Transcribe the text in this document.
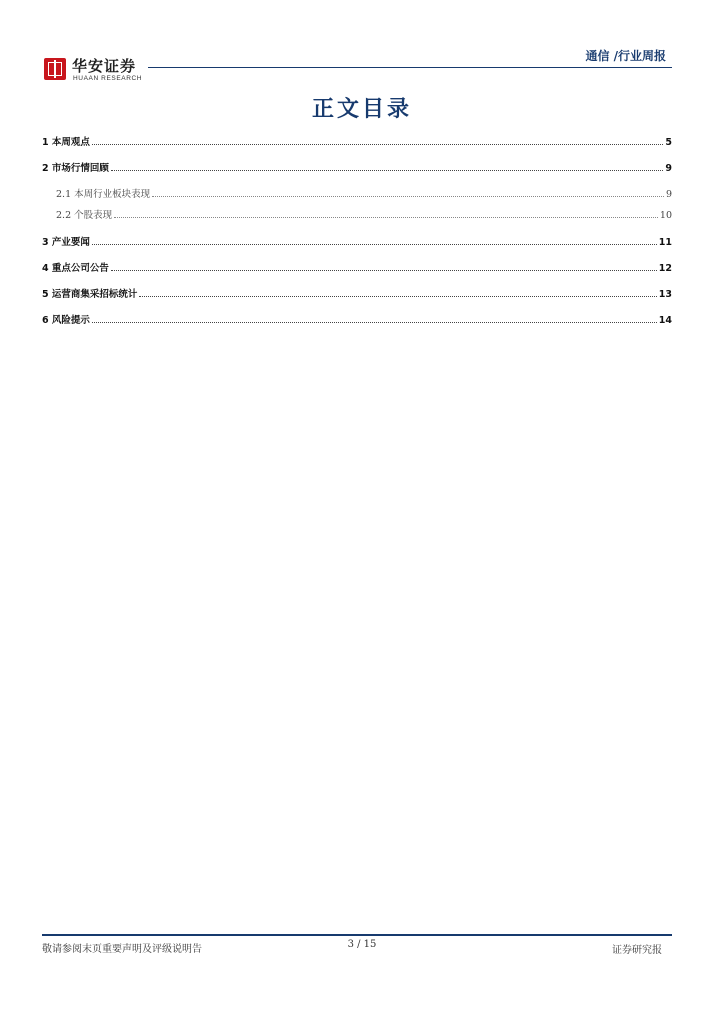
华安证券
HUAAN RESEARCH
通信 /行业周报
正文目录
1 本周观点	5
2 市场行情回顾	9
2.1 本周行业板块表现	9
2.2 个股表现	10
3 产业要闻	11
4 重点公司公告	12
5 运营商集采招标统计	13
6 风险提示	14
敬请参阅末页重要声明及评级说明告	3 / 15
证券研究报
